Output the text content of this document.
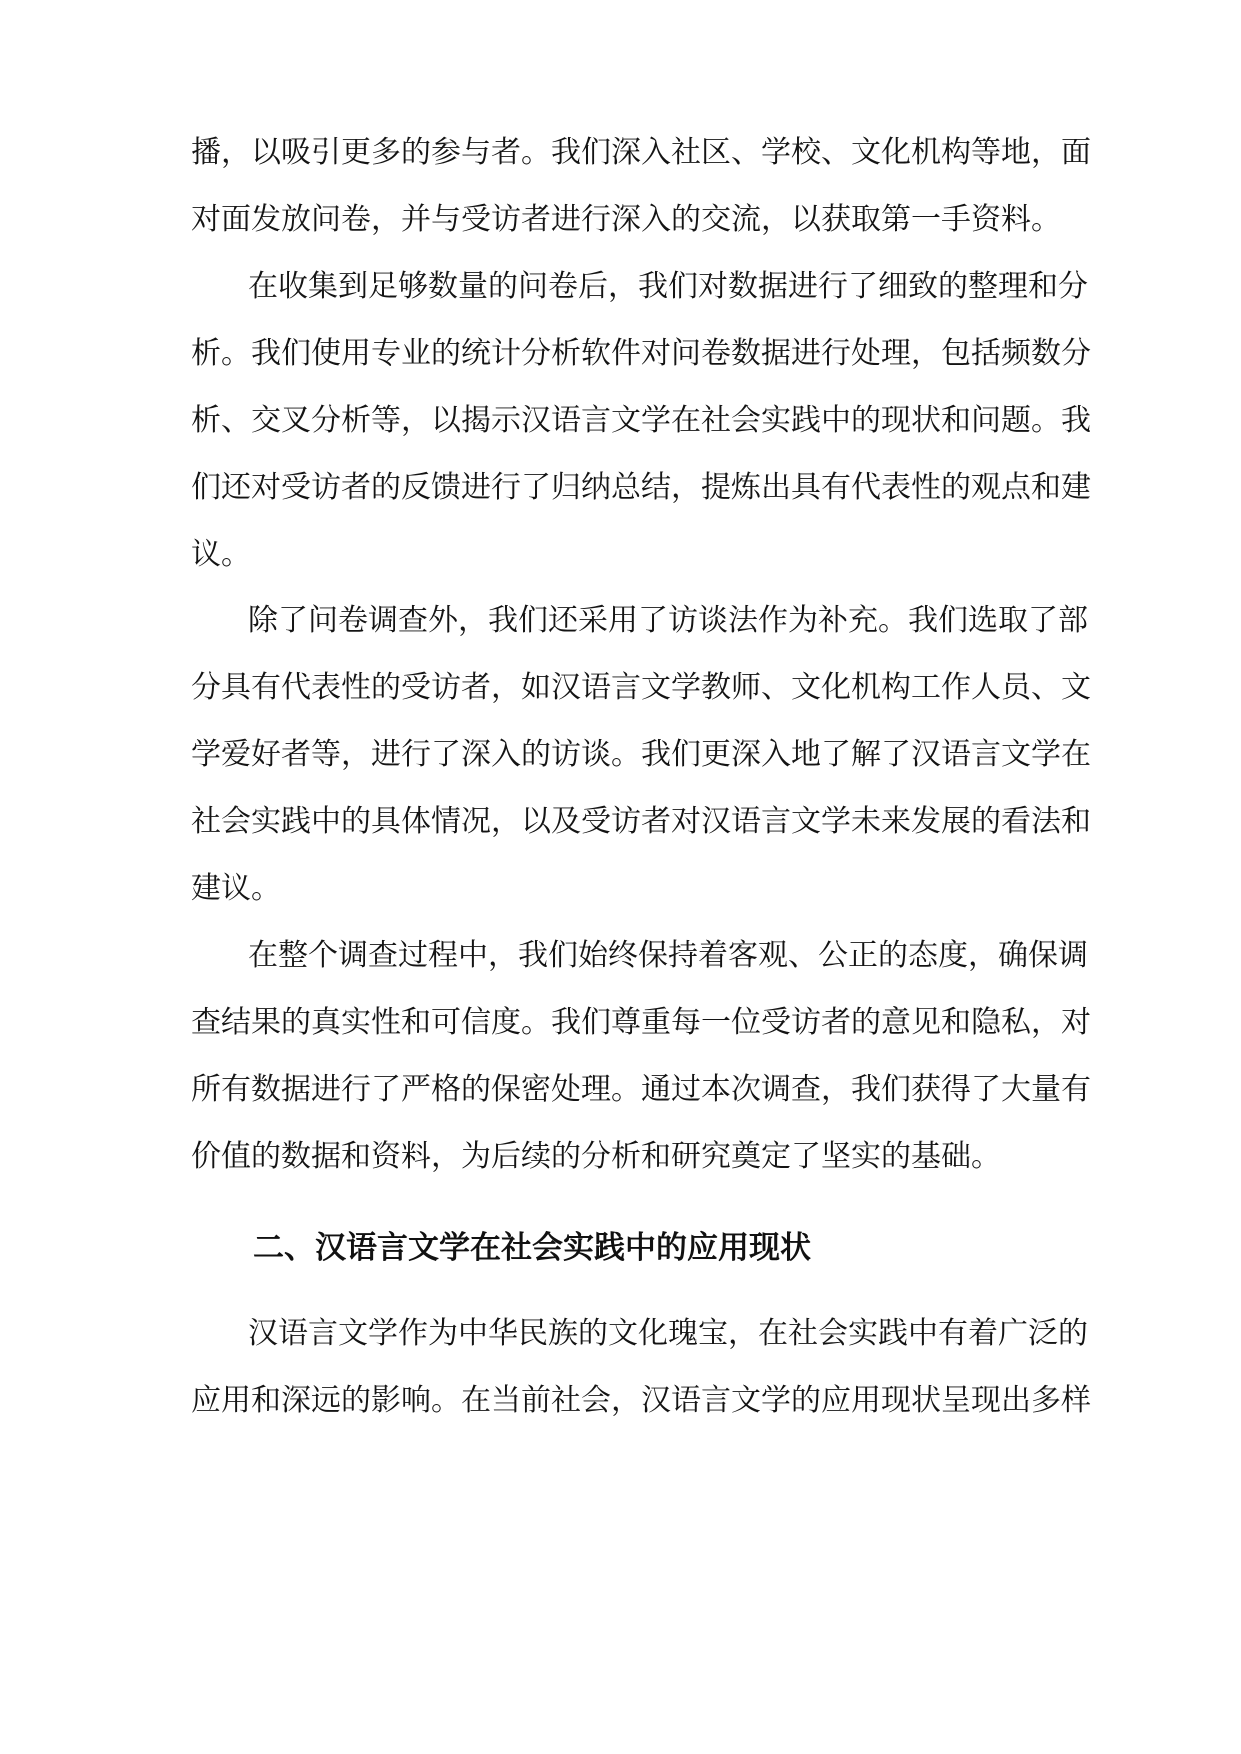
播，以吸引更多的参与者。我们深入社区、学校、文化机构等地，面

对面发放问卷，并与受访者进行深入的交流，以获取第一手资料。

在收集到足够数量的问卷后，我们对数据进行了细致的整理和分

析。我们使用专业的统计分析软件对问卷数据进行处理，包括频数分

析、交叉分析等，以揭示汉语言文学在社会实践中的现状和问题。我

们还对受访者的反馈进行了归纳总结，提炼出具有代表性的观点和建

议。

除了问卷调查外，我们还采用了访谈法作为补充。我们选取了部

分具有代表性的受访者，如汉语言文学教师、文化机构工作人员、文

学爱好者等，进行了深入的访谈。我们更深入地了解了汉语言文学在

社会实践中的具体情况，以及受访者对汉语言文学未来发展的看法和

建议。

在整个调查过程中，我们始终保持着客观、公正的态度，确保调

查结果的真实性和可信度。我们尊重每一位受访者的意见和隐私，对

所有数据进行了严格的保密处理。通过本次调查，我们获得了大量有

价值的数据和资料，为后续的分析和研究奠定了坚实的基础。

二、汉语言文学在社会实践中的应用现状

汉语言文学作为中华民族的文化瑰宝，在社会实践中有着广泛的

应用和深远的影响。在当前社会，汉语言文学的应用现状呈现出多样
